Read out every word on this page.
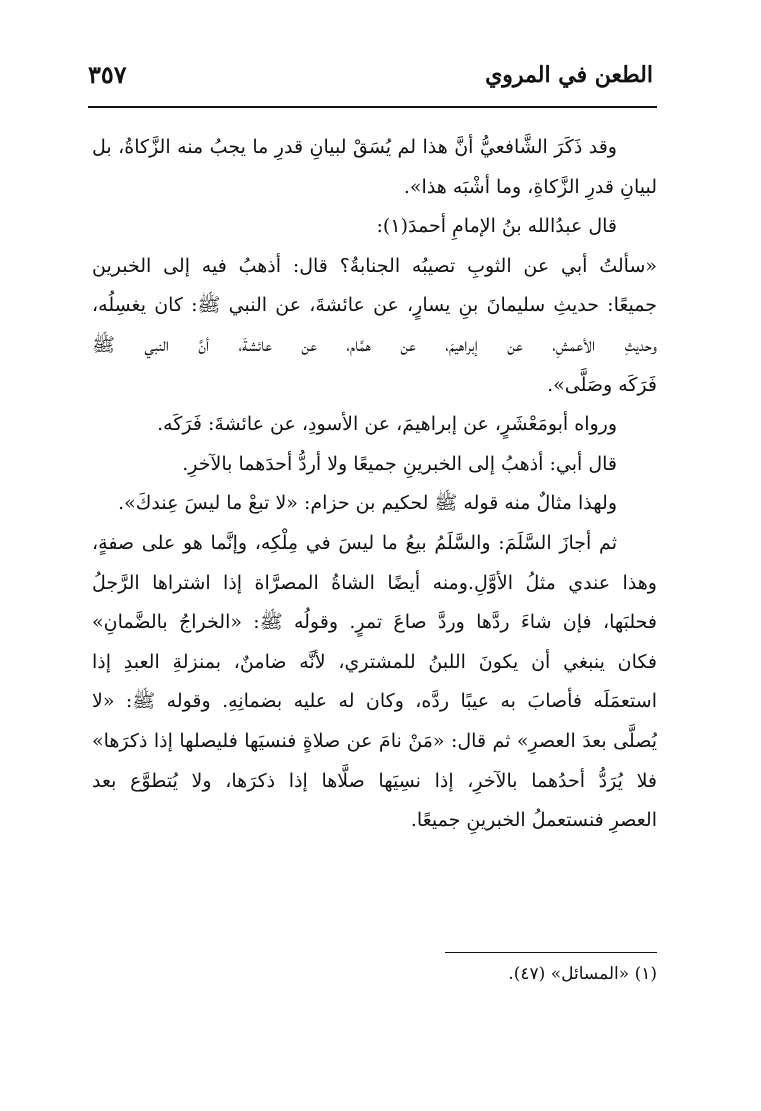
الطعن في المروي
٣٥٧
وقد ذَكَرَ الشَّافعيُّ أنَّ هذا لم يُسَقْ لبيانِ قدرِ ما يجبُ منه الزَّكاةُ، بل
لبيانِ قدرِ الزَّكاةِ، وما أشْبَه هذا».
قال عبدُالله بنُ الإمامِ أحمدَ(١):
«سألتُ أبي عن الثوبِ تصيبُه الجنابةُ؟ قال: أذهبُ فيه إلى الخبرين
جميعًا: حديثِ سليمانَ بنِ يسارٍ، عن عائشةَ، عن النبي ﷺ: كان يغسِلُه،
وحديثِ الأعمشِ، عن إبراهيمَ، عن همَّام، عن عائشةَ، أنَّ النبي ﷺ
فَرَكَه وصَلَّى».
ورواه أبومَعْشَرٍ، عن إبراهيمَ، عن الأسودِ، عن عائشةَ: فَرَكَه.
قال أبي: أذهبُ إلى الخبرينِ جميعًا ولا أردُّ أحدَهما بالآخرِ.
ولهذا مثالٌ منه قوله ﷺ لحكيم بن حزام: «لا تبعْ ما ليسَ عِندكَ».
ثم أجازَ السَّلَمَ: والسَّلَمُ بيعُ ما ليسَ في مِلْكِه، وإنَّما هو على صفةٍ،
وهذا عندي مثلُ الأوَّلِ.ومنه أيضًا الشاةُ المصرَّاة إذا اشتراها الرَّجلُ
فحلبَها، فإن شاءَ ردَّها وردَّ صاعَ تمرٍ. وقولُه ﷺ: «الخراجُ بالضَّمانِ»
فكان ينبغي أن يكونَ اللبنُ للمشتري، لأنَّه ضامنٌ، بمنزلةِ العبدِ إذا
استعمَلَه فأصابَ به عيبًا ردَّه، وكان له عليه بضمانِهِ. وقوله ﷺ: «لا
يُصلَّى بعدَ العصرِ» ثم قال: «مَنْ نامَ عن صلاةٍ فنسيَها فليصلها إذا ذكرَها»
فلا يُرَدُّ أحدُهما بالآخرِ، إذا نسِيَها صلَّاها إذا ذكرَها، ولا يُتطوَّع بعد
العصرِ فنستعملُ الخبرينِ جميعًا.
(١) «المسائل» (٤٧).
